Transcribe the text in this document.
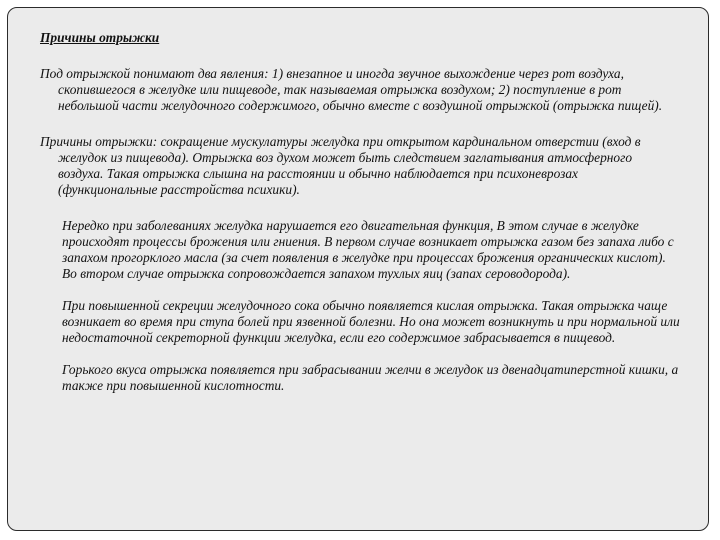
Причины отрыжки

Под отрыжкой понимают два явления: 1) внезапное и иногда звучное выхождение через рот воздуха, скопившегося в желудке или пищеводе, так называемая отрыжка воздухом; 2) поступление в рот небольшой части желудочного содержимого, обычно вместе с воздушной отрыжкой (отрыжка пищей).

Причины отрыжки: сокращение мускулатуры желудка при открытом кардинальном отверстии (вход в желудок из пищевода). Отрыжка воз духом может быть следствием заглатывания атмосферного воздуха. Такая отрыжка слышна на расстоянии и обычно наблюдается при психоневрозах (функциональные расстройства психики).

Нередко при заболеваниях желудка нарушается его двигательная функция, В этом случае в желудке происходят процессы брожения или гниения. В первом случае возникает отрыжка газом без запаха либо с запахом прогорклого масла (за счет появления в желудке при процессах брожения органических кислот). Во втором случае отрыжка сопровождается запахом тухлых яиц (запах сероводорода).

При повышенной секреции желудочного сока обычно появляется кислая отрыжка. Такая отрыжка чаще возникает во время при ступа болей при язвенной болезни. Но она может возникнуть и при нормальной или недостаточной секреторной функции желудка, если его содержимое забрасывается в пищевод.

Горького вкуса отрыжка появляется при забрасывании желчи в желудок из двенадцатиперстной кишки, а также при повышенной кислотности.
